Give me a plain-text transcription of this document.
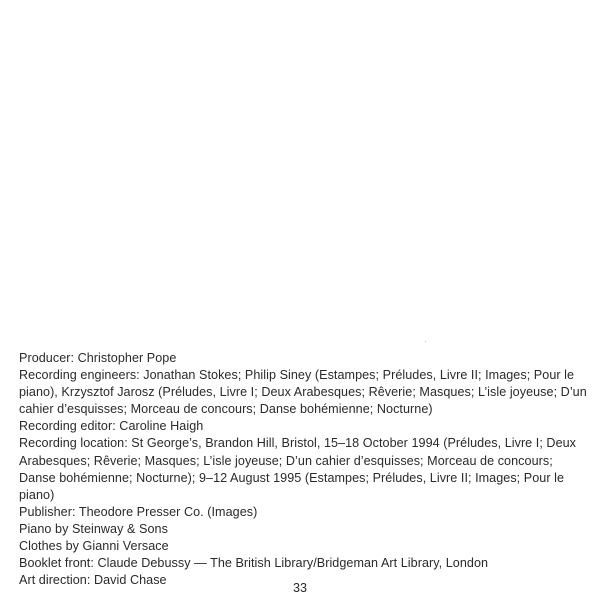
Producer: Christopher Pope

Recording engineers: Jonathan Stokes; Philip Siney (Estampes; Préludes, Livre II; Images; Pour le piano), Krzysztof Jarosz (Préludes, Livre I; Deux Arabesques; Rêverie; Masques; L’isle joyeuse; D’un cahier d’esquisses; Morceau de concours; Danse bohémienne; Nocturne)

Recording editor: Caroline Haigh

Recording location: St George’s, Brandon Hill, Bristol, 15–18 October 1994 (Préludes, Livre I; Deux Arabesques; Rêverie; Masques; L’isle joyeuse; D’un cahier d’esquisses; Morceau de concours; Danse bohémienne; Nocturne); 9–12 August 1995 (Estampes; Préludes, Livre II; Images; Pour le piano)

Publisher: Theodore Presser Co. (Images)

Piano by Steinway & Sons

Clothes by Gianni Versace

Booklet front: Claude Debussy — The British Library/Bridgeman Art Library, London

Art direction: David Chase

33
